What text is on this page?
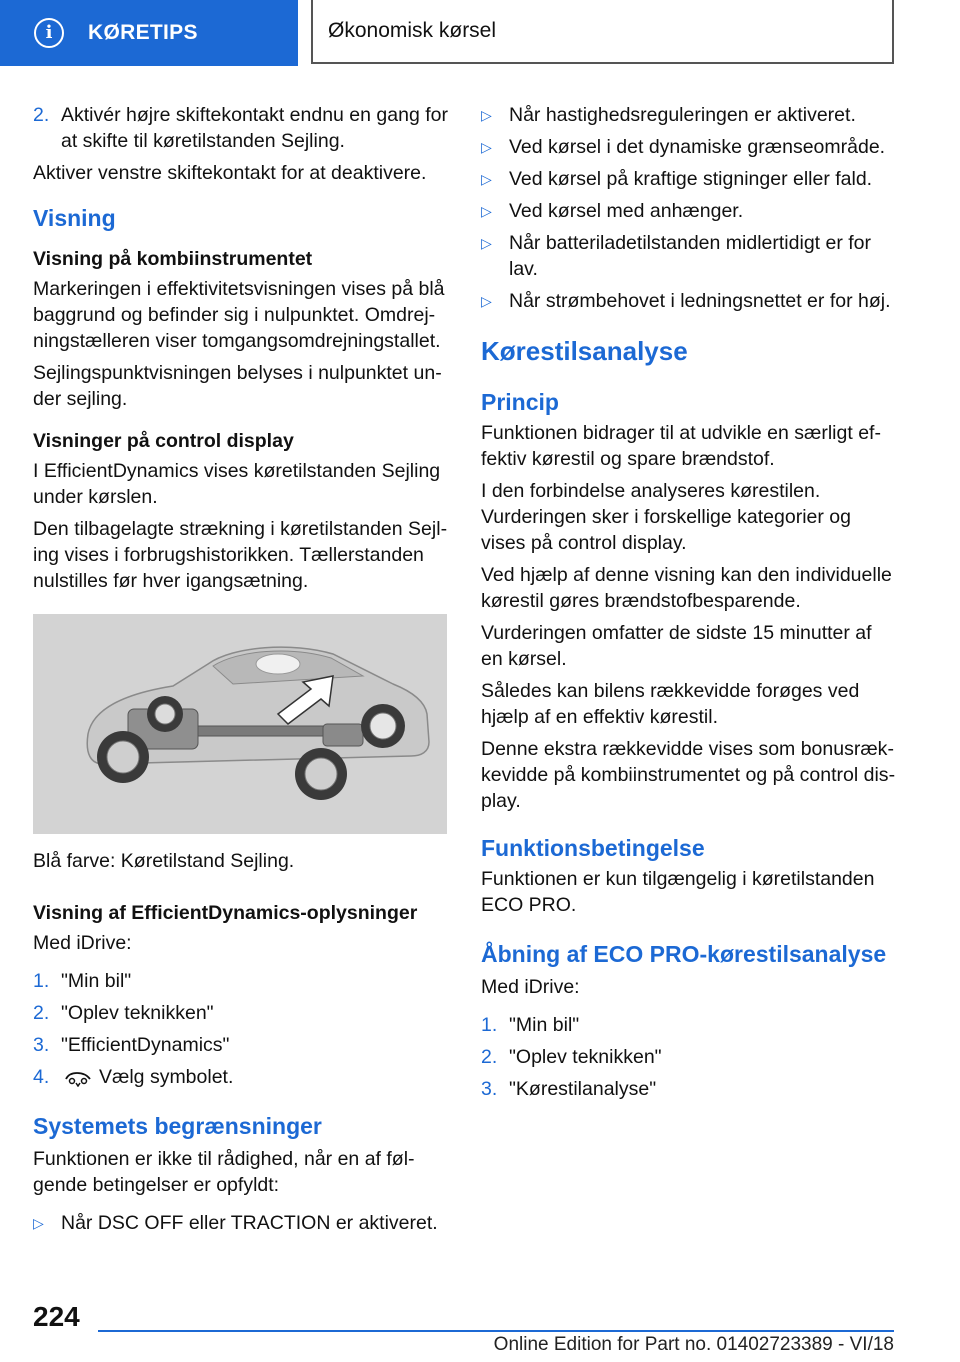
i	KØRETIPS	Økonomisk kørsel
2. Aktivér højre skiftekontakt endnu en gang for at skifte til køretilstanden Sejling.

Aktiver venstre skiftekontakt for at deaktivere.

Visning
Visning på kombiinstrumentet

Markeringen i effektivitetsvisningen vises på blå baggrund og befinder sig i nulpunktet. Omdrejningstælleren viser tomgangsomdrejningstallet.

Sejlingspunktvisningen belyses i nulpunktet under sejling.

Visninger på control display

I EfficientDynamics vises køretilstanden Sejling under kørslen.

Den tilbagelagte strækning i køretilstanden Sejling vises i forbrugshistorikken. Tællerstanden nulstilles før hver igangsætning.

Blå farve: Køretilstand Sejling.

Visning af EfficientDynamics-oplysninger

Med iDrive:

1. "Min bil"
2. "Oplev teknikken"
3. "EfficientDynamics"
4.	Vælg symbolet.
Systemets begrænsninger

Funktionen er ikke til rådighed, når en af følgende betingelser er opfyldt:

▷ Når DSC OFF eller TRACTION er aktiveret.
▷ Når hastighedsreguleringen er aktiveret.
▷ Ved kørsel i det dynamiske grænseområde.
▷ Ved kørsel på kraftige stigninger eller fald.
▷ Ved kørsel med anhænger.
▷ Når batteriladetilstanden midlertidigt er for lav.
▷ Når strømbehovet i ledningsnettet er for høj.
Kørestilsanalyse
Princip

Funktionen bidrager til at udvikle en særligt effektiv kørestil og spare brændstof.

I den forbindelse analyseres kørestilen. Vurderingen sker i forskellige kategorier og vises på control display.

Ved hjælp af denne visning kan den individuelle kørestil gøres brændstofbesparende.

Vurderingen omfatter de sidste 15 minutter af en kørsel.

Således kan bilens rækkevidde forøges ved hjælp af en effektiv kørestil.

Denne ekstra rækkevidde vises som bonusrækkevidde på kombiinstrumentet og på control display.

Funktionsbetingelse

Funktionen er kun tilgængelig i køretilstanden ECO PRO.

Åbning af ECO PRO-kørestilsanalyse

Med iDrive:

1. "Min bil"
2. "Oplev teknikken"
3. "Kørestilanalyse"
224
Online Edition for Part no. 01402723389 - VI/18
